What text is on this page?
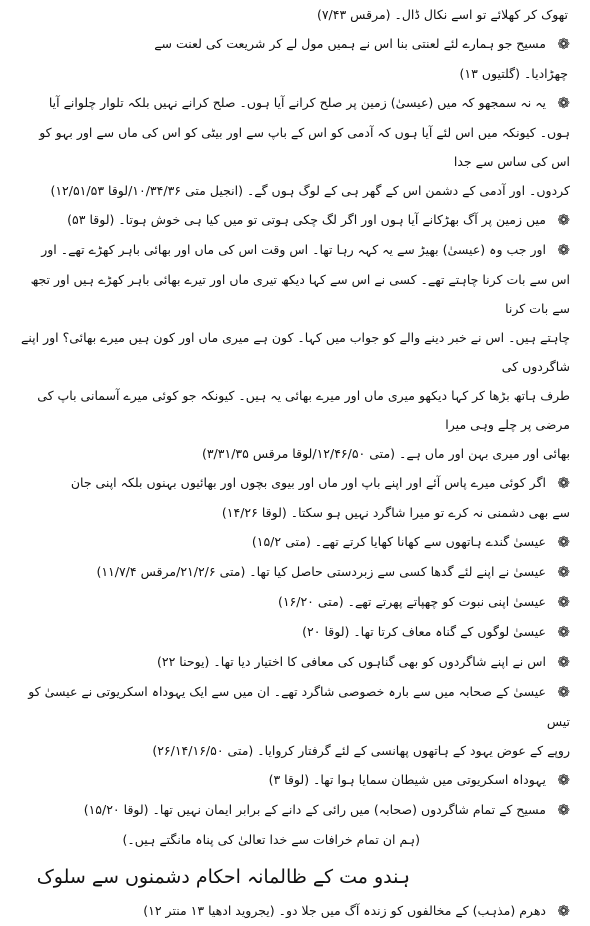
تھوک کر کھلائے تو اسے نکال ڈال۔ (مرقس ۷/۴۳)
❁مسیح جو ہمارے لئے لعنتی بنا اس نے ہمیں مول لے کر شریعت کی لعنت سے
چھڑادیا۔ (گلتیوں ۱۳)
❁یہ نہ سمجھو کہ میں (عیسیٰ) زمین پر صلح کرانے آیا ہوں۔ صلح کرانے نہیں بلکہ تلوار چلوانے آیا
ہوں۔ کیونکہ میں اس لئے آیا ہوں کہ آدمی کو اس کے باپ سے اور بیٹی کو اس کی ماں سے اور بہو کو اس کی ساس سے جدا
کردوں۔ اور آدمی کے دشمن اس کے گھر ہی کے لوگ ہوں گے۔ (انجیل متی ۱۰/۳۴/۳۶/لوقا ۱۲/۵۱/۵۳)
❁میں زمین پر آگ بھڑکانے آیا ہوں اور اگر لگ چکی ہوتی تو میں کیا ہی خوش ہوتا۔ (لوقا ۵۳)
❁اور جب وہ (عیسیٰ) بھیڑ سے یہ کہہ رہا تھا۔ اس وقت اس کی ماں اور بھائی باہر کھڑے تھے۔ اور
اس سے بات کرنا چاہتے تھے۔ کسی نے اس سے کہا دیکھ تیری ماں اور تیرے بھائی باہر کھڑے ہیں اور تجھ سے بات کرنا
چاہتے ہیں۔ اس نے خبر دینے والے کو جواب میں کہا۔ کون ہے میری ماں اور کون ہیں میرے بھائی؟ اور اپنے شاگردوں کی
طرف ہاتھ بڑھا کر کہا دیکھو میری ماں اور میرے بھائی یہ ہیں۔ کیونکہ جو کوئی میرے آسمانی باپ کی مرضی پر چلے وہی میرا
بھائی اور میری بہن اور ماں ہے۔ (متی ۱۲/۴۶/۵۰/لوقا مرقس ۳/۳۱/۳۵)
❁اگر کوئی میرے پاس آئے اور اپنے باپ اور ماں اور بیوی بچوں اور بھائیوں بہنوں بلکہ اپنی جان
سے بھی دشمنی نہ کرے تو میرا شاگرد نہیں ہو سکتا۔ (لوقا ۱۴/۲۶)
❁عیسیٰ گندے ہاتھوں سے کھانا کھایا کرتے تھے۔ (متی ۱۵/۲)
❁عیسیٰ نے اپنے لئے گدھا کسی سے زبردستی حاصل کیا تھا۔ (متی ۲۱/۲/۶/مرقس ۱۱/۷/۴)
❁عیسیٰ اپنی نبوت کو چھپاتے پھرتے تھے۔ (متی ۱۶/۲۰)
❁عیسیٰ لوگوں کے گناہ معاف کرتا تھا۔ (لوقا ۲۰)
❁اس نے اپنے شاگردوں کو بھی گناہوں کی معافی کا اختیار دیا تھا۔ (یوحنا ۲۲)
❁عیسیٰ کے صحابہ میں سے بارہ خصوصی شاگرد تھے۔ ان میں سے ایک یہوداہ اسکریوتی نے عیسیٰ کو تیس
روپے کے عوض یہود کے ہاتھوں پھانسی کے لئے گرفتار کروایا۔ (متی ۲۶/۱۴/۱۶/۵۰)
❁یہوداہ اسکریوتی میں شیطان سمایا ہوا تھا۔ (لوقا ۳)
❁مسیح کے تمام شاگردوں (صحابہ) میں رائی کے دانے کے برابر ایمان نہیں تھا۔ (لوقا ۱۵/۲۰)
(ہم ان تمام خرافات سے خدا تعالیٰ کی پناہ مانگتے ہیں۔)
ہندو مت کے ظالمانہ احکام دشمنوں سے سلوک
❁دھرم (مذہب) کے مخالفوں کو زندہ آگ میں جلا دو۔ (یجروید ادھیا ۱۳ منتر ۱۲)
